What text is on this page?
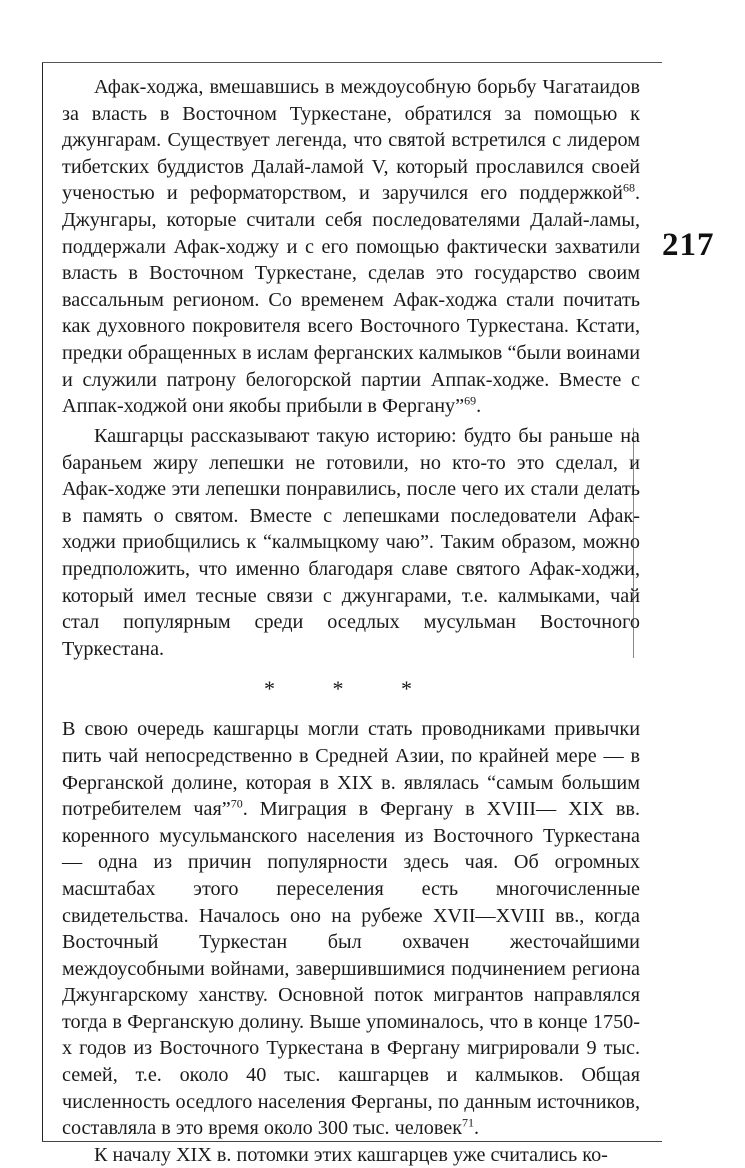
217

Афак-ходжа, вмешавшись в междоусобную борьбу Чагатаидов за власть в Восточном Туркестане, обратился за помощью к джунгарам. Существует легенда, что святой встретился с лидером тибетских буддистов Далай-ламой V, который прославился своей ученостью и реформаторством, и заручился его поддержкой$^{68}$. Джунгары, которые считали себя последователями Далай-ламы, поддержали Афак-ходжу и с его помощью фактически захватили власть в Восточном Туркестане, сделав это государство своим вассальным регионом. Со временем Афак-ходжа стали почитать как духовного покровителя всего Восточного Туркестана. Кстати, предки обращенных в ислам ферганских калмыков “были воинами и служили патрону белогорской партии Аппак-ходже. Вместе с Аппак-ходжой они якобы прибыли в Фергану”$^{69}$.

Кашгарцы рассказывают такую историю: будто бы раньше на бараньем жиру лепешки не готовили, но кто-то это сделал, и Афак-ходже эти лепешки понравились, после чего их стали делать в память о святом. Вместе с лепешками последователи Афак-ходжи приобщились к “калмыцкому чаю”. Таким образом, можно предположить, что именно благодаря славе святого Афак-ходжи, который имел тесные связи с джунгарами, т.е. калмыками, чай стал популярным среди оседлых мусульман Восточного Туркестана.

* * *

В свою очередь кашгарцы могли стать проводниками привычки пить чай непосредственно в Средней Азии, по крайней мере — в Ферганской долине, которая в XIX в. являлась “самым большим потребителем чая”$^{70}$. Миграция в Фергану в XVIII— XIX вв. коренного мусульманского населения из Восточного Туркестана — одна из причин популярности здесь чая. Об огромных масштабах этого переселения есть многочисленные свидетельства. Началось оно на рубеже XVII—XVIII вв., когда Восточный Туркестан был охвачен жесточайшими междоусобными войнами, завершившимися подчинением региона Джунгарскому ханству. Основной поток мигрантов направлялся тогда в Ферганскую долину. Выше упоминалось, что в конце 1750-х годов из Восточного Туркестана в Фергану мигрировали 9 тыс. семей, т.е. около 40 тыс. кашгарцев и калмыков. Общая численность оседлого населения Ферганы, по данным источников, составляла в это время около 300 тыс. человек$^{71}$.

К началу XIX в. потомки этих кашгарцев уже считались ко-
